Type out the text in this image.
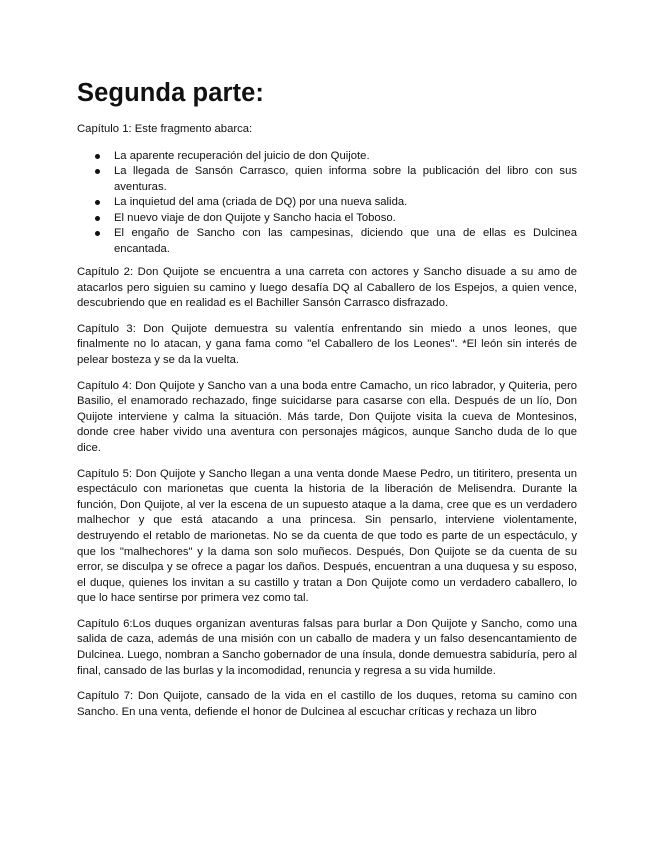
Segunda parte:

Capítulo 1: Este fragmento abarca:

La aparente recuperación del juicio de don Quijote.
La llegada de Sansón Carrasco, quien informa sobre la publicación del libro con sus aventuras.
La inquietud del ama (criada de DQ) por una nueva salida.
El nuevo viaje de don Quijote y Sancho hacia el Toboso.
El engaño de Sancho con las campesinas, diciendo que una de ellas es Dulcinea encantada.

Capítulo 2: Don Quijote se encuentra a una carreta con actores y Sancho disuade a su amo de atacarlos pero siguien su camino y luego desafía DQ al Caballero de los Espejos, a quien vence, descubriendo que en realidad es el Bachiller Sansón Carrasco disfrazado.

Capítulo 3: Don Quijote demuestra su valentía enfrentando sin miedo a unos leones, que finalmente no lo atacan, y gana fama como "el Caballero de los Leones". *El león sin interés de pelear bosteza y se da la vuelta.

Capítulo 4: Don Quijote y Sancho van a una boda entre Camacho, un rico labrador, y Quiteria, pero Basilio, el enamorado rechazado, finge suicidarse para casarse con ella. Después de un lío, Don Quijote interviene y calma la situación. Más tarde, Don Quijote visita la cueva de Montesinos, donde cree haber vivido una aventura con personajes mágicos, aunque Sancho duda de lo que dice.

Capítulo 5: Don Quijote y Sancho llegan a una venta donde Maese Pedro, un titiritero, presenta un espectáculo con marionetas que cuenta la historia de la liberación de Melisendra. Durante la función, Don Quijote, al ver la escena de un supuesto ataque a la dama, cree que es un verdadero malhechor y que está atacando a una princesa. Sin pensarlo, interviene violentamente, destruyendo el retablo de marionetas. No se da cuenta de que todo es parte de un espectáculo, y que los "malhechores" y la dama son solo muñecos. Después, Don Quijote se da cuenta de su error, se disculpa y se ofrece a pagar los daños. Después, encuentran a una duquesa y su esposo, el duque, quienes los invitan a su castillo y tratan a Don Quijote como un verdadero caballero, lo que lo hace sentirse por primera vez como tal.

Capítulo 6:Los duques organizan aventuras falsas para burlar a Don Quijote y Sancho, como una salida de caza, además de una misión con un caballo de madera y un falso desencantamiento de Dulcinea. Luego, nombran a Sancho gobernador de una ínsula, donde demuestra sabiduría, pero al final, cansado de las burlas y la incomodidad, renuncia y regresa a su vida humilde.

Capítulo 7: Don Quijote, cansado de la vida en el castillo de los duques, retoma su camino con Sancho. En una venta, defiende el honor de Dulcinea al escuchar críticas y rechaza un libro
